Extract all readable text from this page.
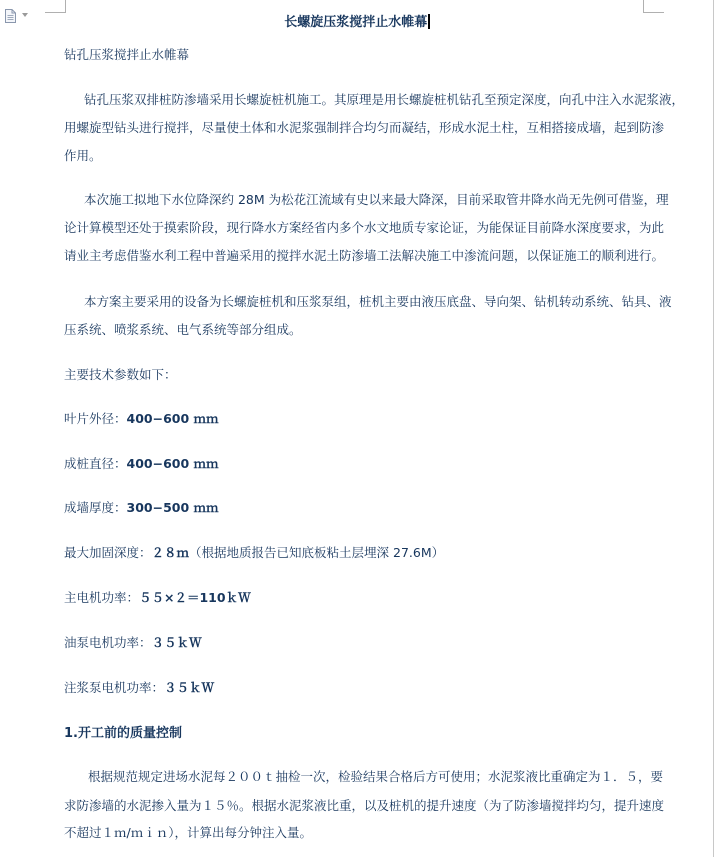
长螺旋压浆搅拌止水帷幕
钻孔压浆搅拌止水帷幕
钻孔压浆双排桩防渗墙采用长螺旋桩机施工。其原理是用长螺旋桩机钻孔至预定深度，向孔中注入水泥浆液，
用螺旋型钻头进行搅拌，尽量使土体和水泥浆强制拌合均匀而凝结，形成水泥土柱，互相搭接成墙，起到防渗
作用。
本次施工拟地下水位降深约 28M 为松花江流域有史以来最大降深，目前采取管井降水尚无先例可借鉴，理
论计算模型还处于摸索阶段，现行降水方案经省内多个水文地质专家论证，为能保证目前降水深度要求，为此
请业主考虑借鉴水利工程中普遍采用的搅拌水泥土防渗墙工法解决施工中渗流问题，以保证施工的顺利进行。
本方案主要采用的设备为长螺旋桩机和压浆泵组，桩机主要由液压底盘、导向架、钻机转动系统、钻具、液
压系统、喷浆系统、电气系统等部分组成。
主要技术参数如下：
叶片外径：400−600 ｍｍ
成桩直径：400−600 ｍｍ
成墙厚度：300−500 ｍｍ
最大加固深度：２８ｍ（根据地质报告已知底板粘土层埋深 27.6M）
主电机功率：５５×２＝110ｋＷ
油泵电机功率：３５ｋＷ
注浆泵电机功率：３５ｋＷ
1.开工前的质量控制
根据规范规定进场水泥每２００ｔ抽检一次，检验结果合格后方可使用；水泥浆液比重确定为１．５，要
求防渗墙的水泥掺入量为１５％。根据水泥浆液比重，以及桩机的提升速度（为了防渗墙搅拌均匀，提升速度
不超过１ｍ/ｍｉｎ），计算出每分钟注入量。
